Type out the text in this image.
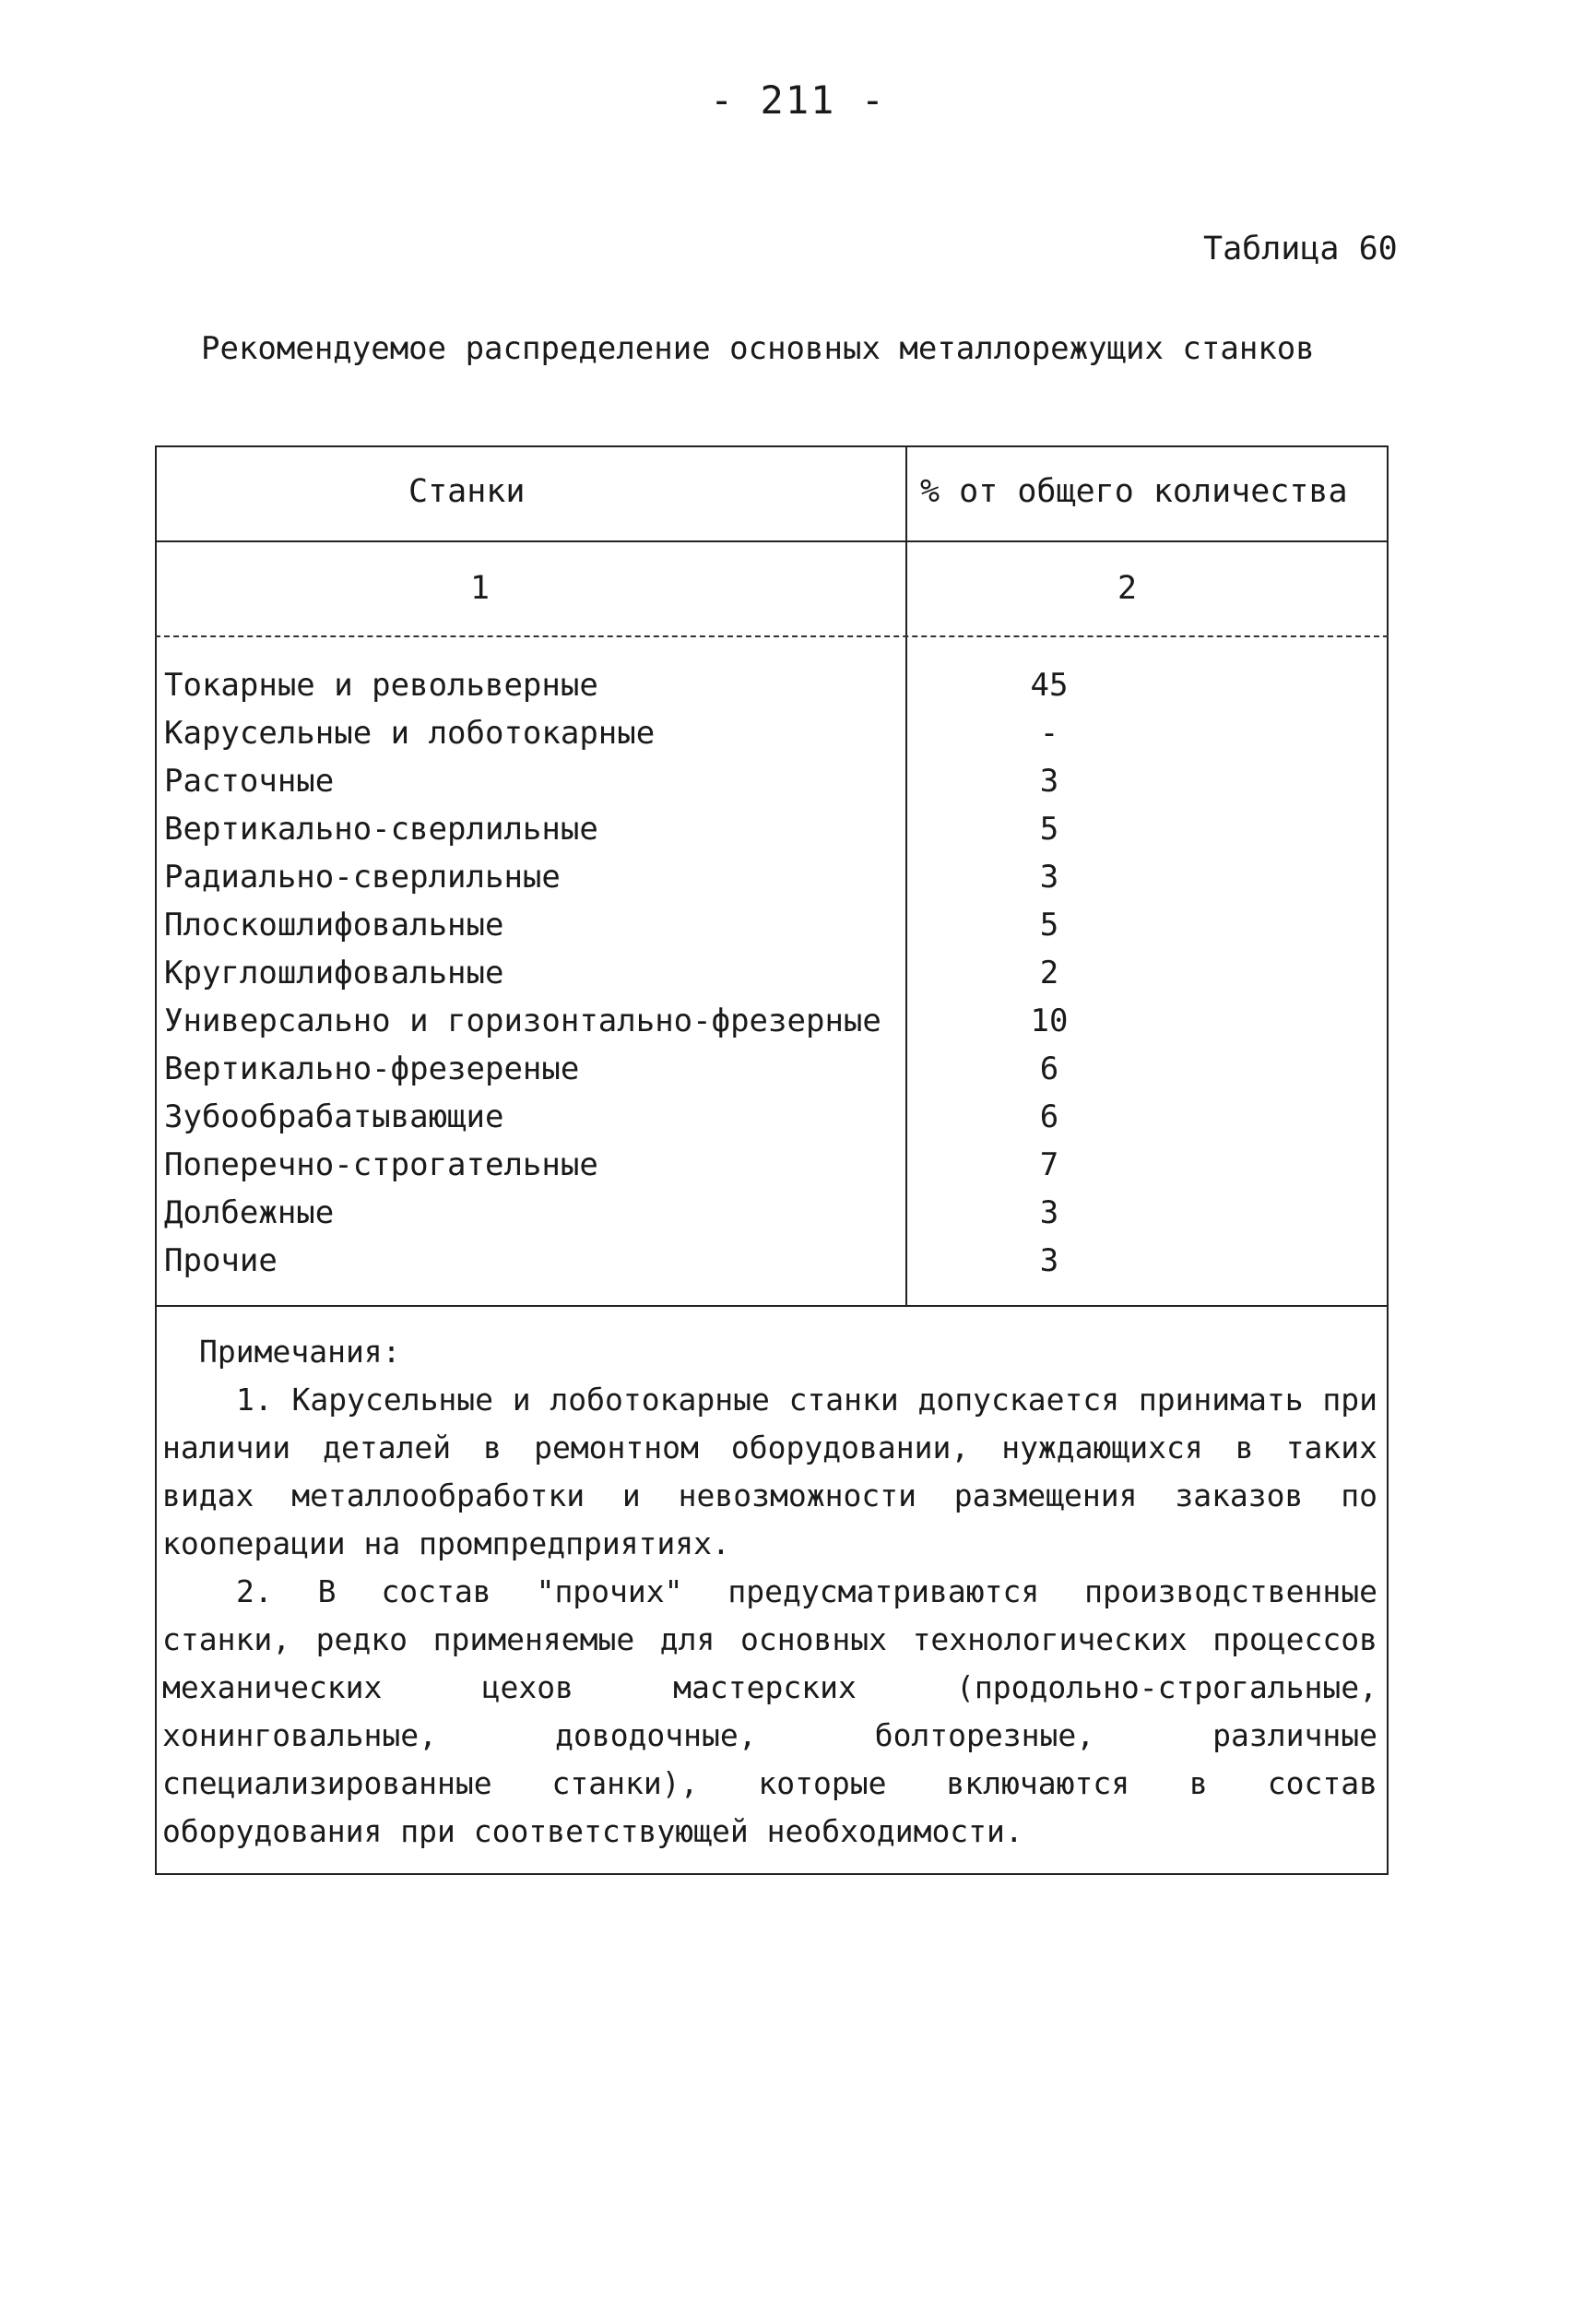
- 211 -
Таблица 60
Рекомендуемое распределение основных металлорежущих станков
Станки	% от общего количества
1	2
Токарные и револьверные	45
Карусельные и лоботокарные	-
Расточные	3
Вертикально-сверлильные	5
Радиально-сверлильные	3
Плоскошлифовальные	5
Круглошлифовальные	2
Универсально и горизонтально-фрезерные	10
Вертикально-фрезереные	6
Зубообрабатывающие	6
Поперечно-строгательные	7
Долбежные	3
Прочие	3
Примечания:

1. Карусельные и лоботокарные станки допускается принимать при наличии деталей в ремонтном оборудовании, нуждающихся в таких видах металлообработки и невозможности размещения заказов по кооперации на промпредприятиях.

2. В состав "прочих" предусматриваются производственные станки, редко применяемые для основных технологических процессов механических цехов мастерских (продольно-строгальные, хонинговальные, доводочные, болторезные, различные специализированные станки), которые включаются в состав оборудования при соответствующей необходимости.
